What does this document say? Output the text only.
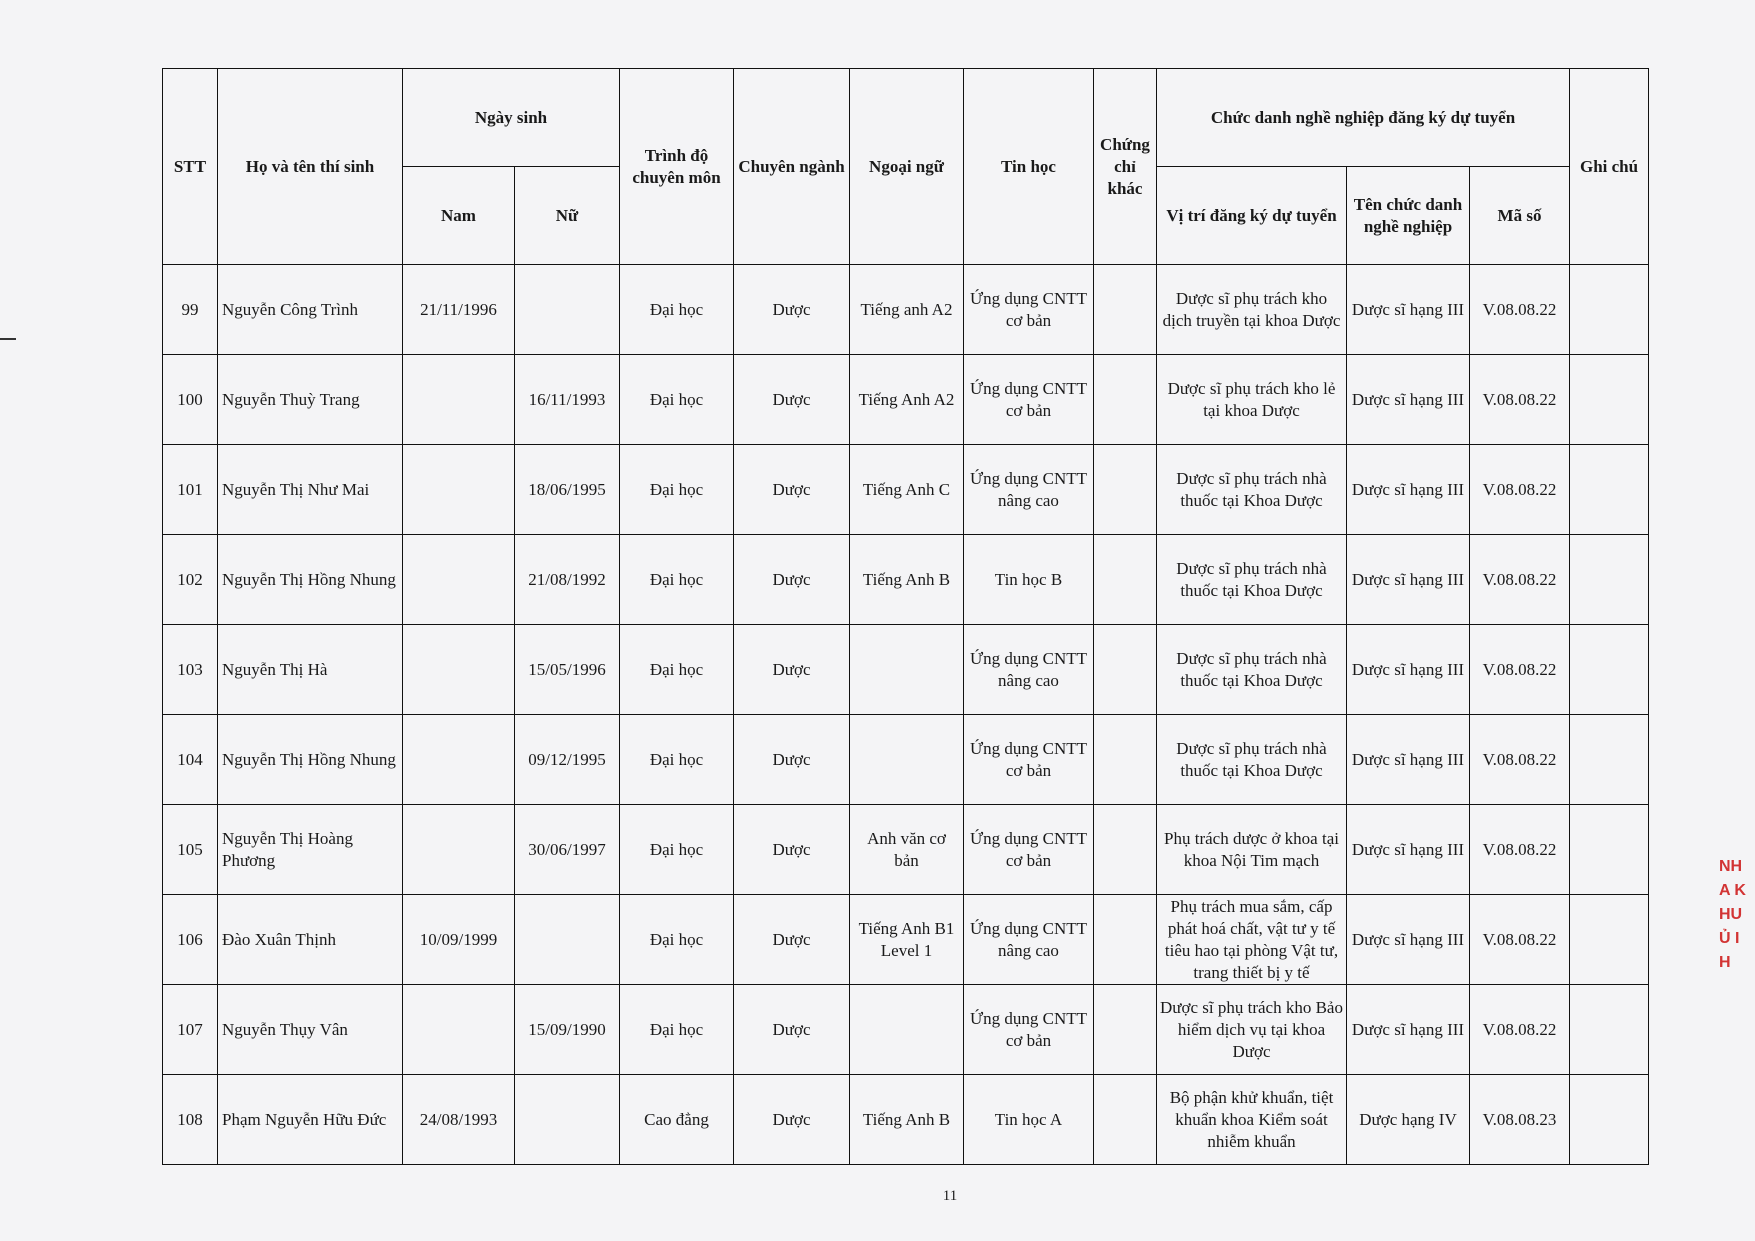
STT	Họ và tên thí sinh	Ngày sinh		Trình độ chuyên môn	Chuyên ngành	Ngoại ngữ	Tin học	Chứng chỉ khác	Chức danh nghề nghiệp đăng ký dự tuyển			Ghi chú
		Nam	Nữ						Vị trí đăng ký dự tuyển	Tên chức danh nghề nghiệp	Mã số	
99	Nguyễn Công Trình	21/11/1996		Đại học	Dược	Tiếng anh A2	Ứng dụng CNTT cơ bản		Dược sĩ phụ trách kho dịch truyền tại khoa Dược	Dược sĩ hạng III	V.08.08.22	
100	Nguyễn Thuỳ Trang		16/11/1993	Đại học	Dược	Tiếng Anh A2	Ứng dụng CNTT cơ bản		Dược sĩ phụ trách kho lẻ tại khoa Dược	Dược sĩ hạng III	V.08.08.22	
101	Nguyễn Thị Như Mai		18/06/1995	Đại học	Dược	Tiếng Anh C	Ứng dụng CNTT nâng cao		Dược sĩ phụ trách nhà thuốc tại Khoa Dược	Dược sĩ hạng III	V.08.08.22	
102	Nguyễn Thị Hồng Nhung		21/08/1992	Đại học	Dược	Tiếng Anh B	Tin học B		Dược sĩ phụ trách nhà thuốc tại Khoa Dược	Dược sĩ hạng III	V.08.08.22	
103	Nguyễn Thị Hà		15/05/1996	Đại học	Dược		Ứng dụng CNTT nâng cao		Dược sĩ phụ trách nhà thuốc tại Khoa Dược	Dược sĩ hạng III	V.08.08.22	
104	Nguyễn Thị Hồng Nhung		09/12/1995	Đại học	Dược		Ứng dụng CNTT cơ bản		Dược sĩ phụ trách nhà thuốc tại Khoa Dược	Dược sĩ hạng III	V.08.08.22	
105	Nguyễn Thị Hoàng Phương		30/06/1997	Đại học	Dược	Anh văn cơ bản	Ứng dụng CNTT cơ bản		Phụ trách dược ở khoa tại khoa Nội Tim mạch	Dược sĩ hạng III	V.08.08.22	
106	Đào Xuân Thịnh	10/09/1999		Đại học	Dược	Tiếng Anh B1 Level 1	Ứng dụng CNTT nâng cao		Phụ trách mua sắm, cấp phát hoá chất, vật tư y tế tiêu hao tại phòng Vật tư, trang thiết bị y tế	Dược sĩ hạng III	V.08.08.22	
107	Nguyễn Thụy Vân		15/09/1990	Đại học	Dược		Ứng dụng CNTT cơ bản		Dược sĩ phụ trách kho Bảo hiểm dịch vụ tại khoa Dược	Dược sĩ hạng III	V.08.08.22	
108	Phạm Nguyễn Hữu Đức	24/08/1993		Cao đẳng	Dược	Tiếng Anh B	Tin học A		Bộ phận khử khuẩn, tiệt khuẩn khoa Kiểm soát nhiễm khuẩn	Dược hạng IV	V.08.08.23	
11
NH
A K
HU
Ủ I
H
